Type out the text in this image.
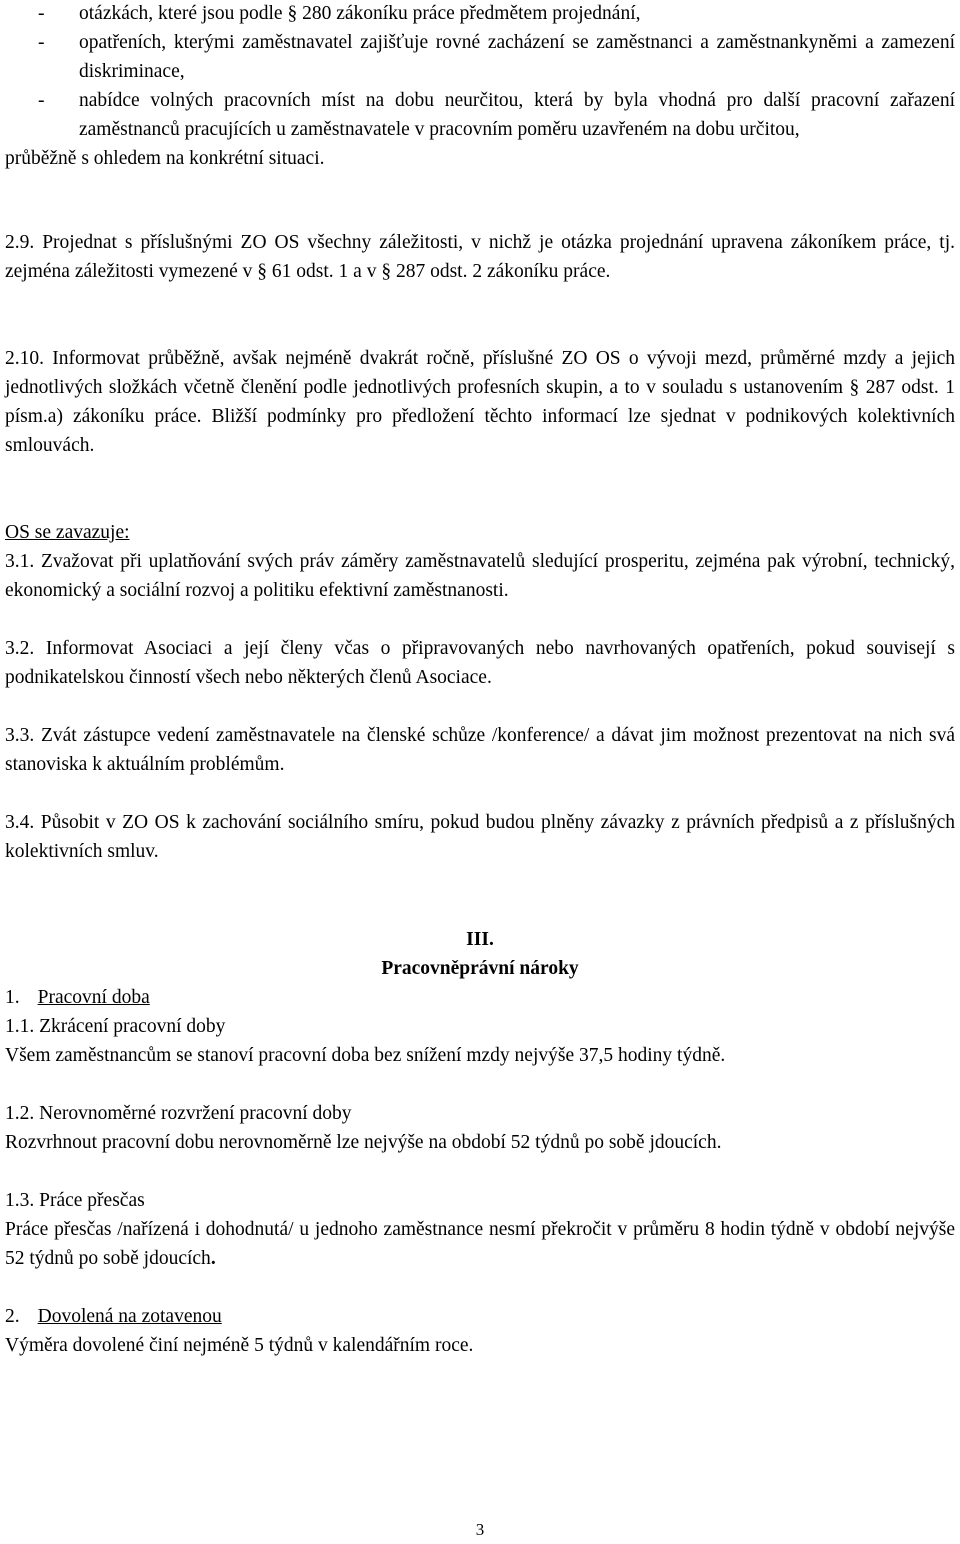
- otázkách, které jsou podle § 280 zákoníku práce předmětem projednání,
- opatřeních, kterými zaměstnavatel zajišťuje rovné zacházení se zaměstnanci a zaměstnankyněmi a zamezení diskriminace,
- nabídce volných pracovních míst na dobu neurčitou, která by byla vhodná pro další pracovní zařazení zaměstnanců pracujících u zaměstnavatele v pracovním poměru uzavřeném na dobu určitou,
průběžně s ohledem na konkrétní situaci.
2.9. Projednat s příslušnými ZO OS všechny záležitosti, v nichž je otázka projednání upravena zákoníkem práce, tj. zejména záležitosti vymezené v § 61 odst. 1 a v § 287 odst. 2 zákoníku práce.
2.10. Informovat průběžně, avšak nejméně dvakrát ročně, příslušné ZO OS o vývoji mezd, průměrné mzdy a jejich jednotlivých složkách včetně členění podle jednotlivých profesních skupin, a to v souladu s ustanovením § 287 odst. 1 písm.a) zákoníku práce. Bližší podmínky pro předložení těchto informací lze sjednat v podnikových kolektivních smlouvách.
OS se zavazuje:
3.1. Zvažovat při uplatňování svých práv záměry zaměstnavatelů sledující prosperitu, zejména pak výrobní, technický, ekonomický a sociální rozvoj a politiku efektivní zaměstnanosti.
3.2. Informovat Asociaci a její členy včas o připravovaných nebo navrhovaných opatřeních, pokud souvisejí s podnikatelskou činností všech nebo některých členů Asociace.
3.3. Zvát zástupce vedení zaměstnavatele na členské schůze /konference/ a dávat jim možnost prezentovat na nich svá stanoviska k aktuálním problémům.
3.4. Působit v ZO OS k zachování sociálního smíru, pokud budou plněny závazky z právních předpisů a z příslušných kolektivních smluv.
III.
Pracovněprávní nároky
1. Pracovní doba
1.1. Zkrácení pracovní doby
Všem zaměstnancům se stanoví pracovní doba bez snížení mzdy nejvýše 37,5 hodiny týdně.
1.2. Nerovnoměrné rozvržení pracovní doby
Rozvrhnout pracovní dobu nerovnoměrně lze nejvýše na období 52 týdnů po sobě jdoucích.
1.3. Práce přesčas
Práce přesčas /nařízená i dohodnutá/ u jednoho zaměstnance nesmí překročit v průměru 8 hodin týdně v období nejvýše 52 týdnů po sobě jdoucích.
2. Dovolená na zotavenou
Výměra dovolené činí nejméně 5 týdnů v kalendářním roce.
3
